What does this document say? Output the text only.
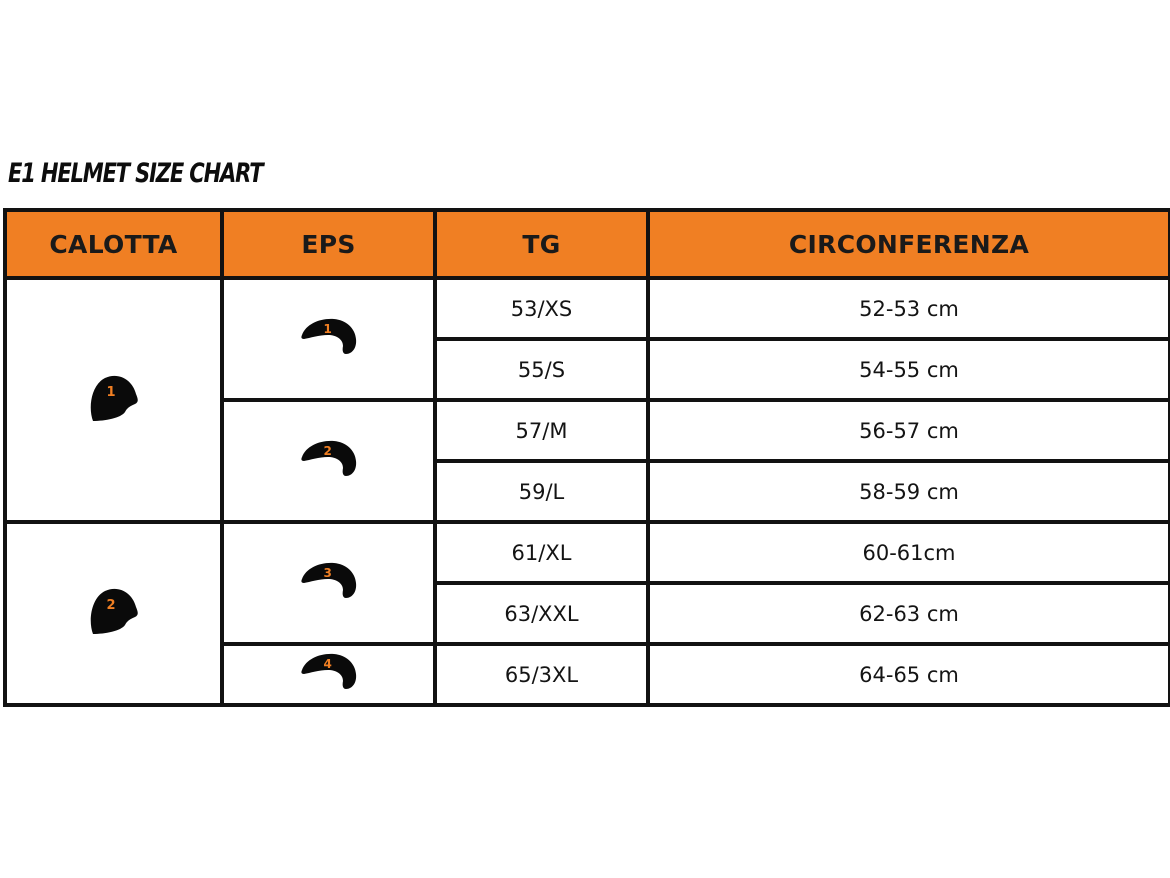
E1 HELMET SIZE CHART
CALOTTA	EPS	TG	CIRCONFERENZA

1	1	53/XS	52-53 cm
		55/S	54-55 cm

	2	57/M	56-57 cm
		59/L	58-59 cm

2	3	61/XL	60-61cm
		63/XXL	62-63 cm

	4	65/3XL	64-65 cm
